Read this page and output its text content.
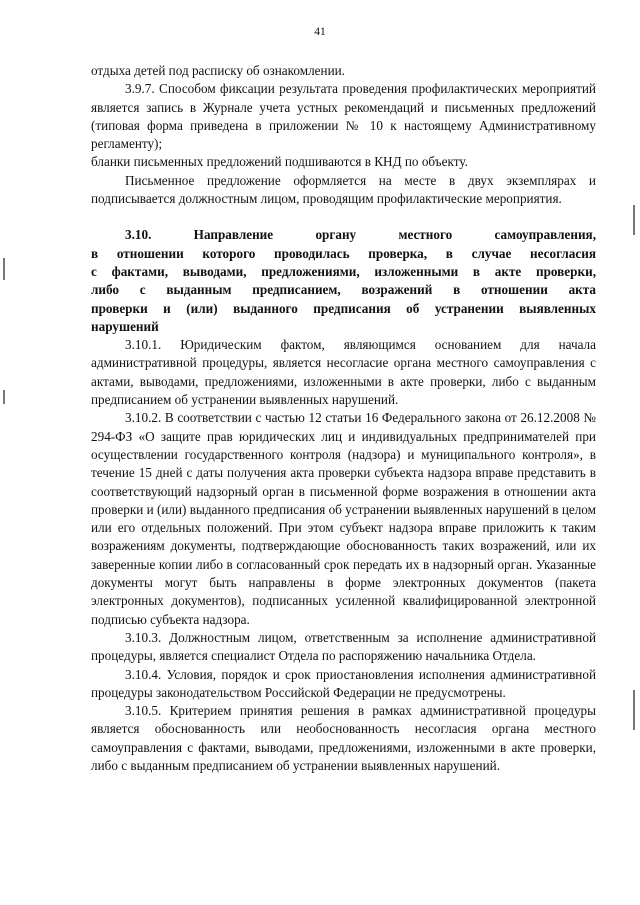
41

отдыха детей под расписку об ознакомлении.

3.9.7. Способом фиксации результата проведения профилактических мероприятий является запись в Журнале учета устных рекомендаций и письменных предложений (типовая форма приведена в приложении № 10 к настоящему Административному регламенту);

бланки письменных предложений подшиваются в КНД по объекту.

Письменное предложение оформляется на месте в двух экземплярах и подписывается должностным лицом, проводящим профилактические мероприятия.

3.10. Направление органу местного самоуправления,
в отношении которого проводилась проверка, в случае несогласия
с фактами, выводами, предложениями, изложенными в акте проверки,
либо с выданным предписанием, возражений в отношении акта
проверки и (или) выданного предписания об устранении выявленных
нарушений

3.10.1. Юридическим фактом, являющимся основанием для начала административной процедуры, является несогласие органа местного самоуправления с актами, выводами, предложениями, изложенными в акте проверки, либо с выданным предписанием об устранении выявленных нарушений.

3.10.2. В соответствии с частью 12 статьи 16 Федерального закона от 26.12.2008 № 294-ФЗ «О защите прав юридических лиц и индивидуальных предпринимателей при осуществлении государственного контроля (надзора) и муниципального контроля», в течение 15 дней с даты получения акта проверки субъекта надзора вправе представить в соответствующий надзорный орган в письменной форме возражения в отношении акта проверки и (или) выданного предписания об устранении выявленных нарушений в целом или его отдельных положений. При этом субъект надзора вправе приложить к таким возражениям документы, подтверждающие обоснованность таких возражений, или их заверенные копии либо в согласованный срок передать их в надзорный орган. Указанные документы могут быть направлены в форме электронных документов (пакета электронных документов), подписанных усиленной квалифицированной электронной подписью субъекта надзора.

3.10.3. Должностным лицом, ответственным за исполнение административной процедуры, является специалист Отдела по распоряжению начальника Отдела.

3.10.4. Условия, порядок и срок приостановления исполнения административной процедуры законодательством Российской Федерации не предусмотрены.

3.10.5. Критерием принятия решения в рамках административной процедуры является обоснованность или необоснованность несогласия органа местного самоуправления с фактами, выводами, предложениями, изложенными в акте проверки, либо с выданным предписанием об устранении выявленных нарушений.
